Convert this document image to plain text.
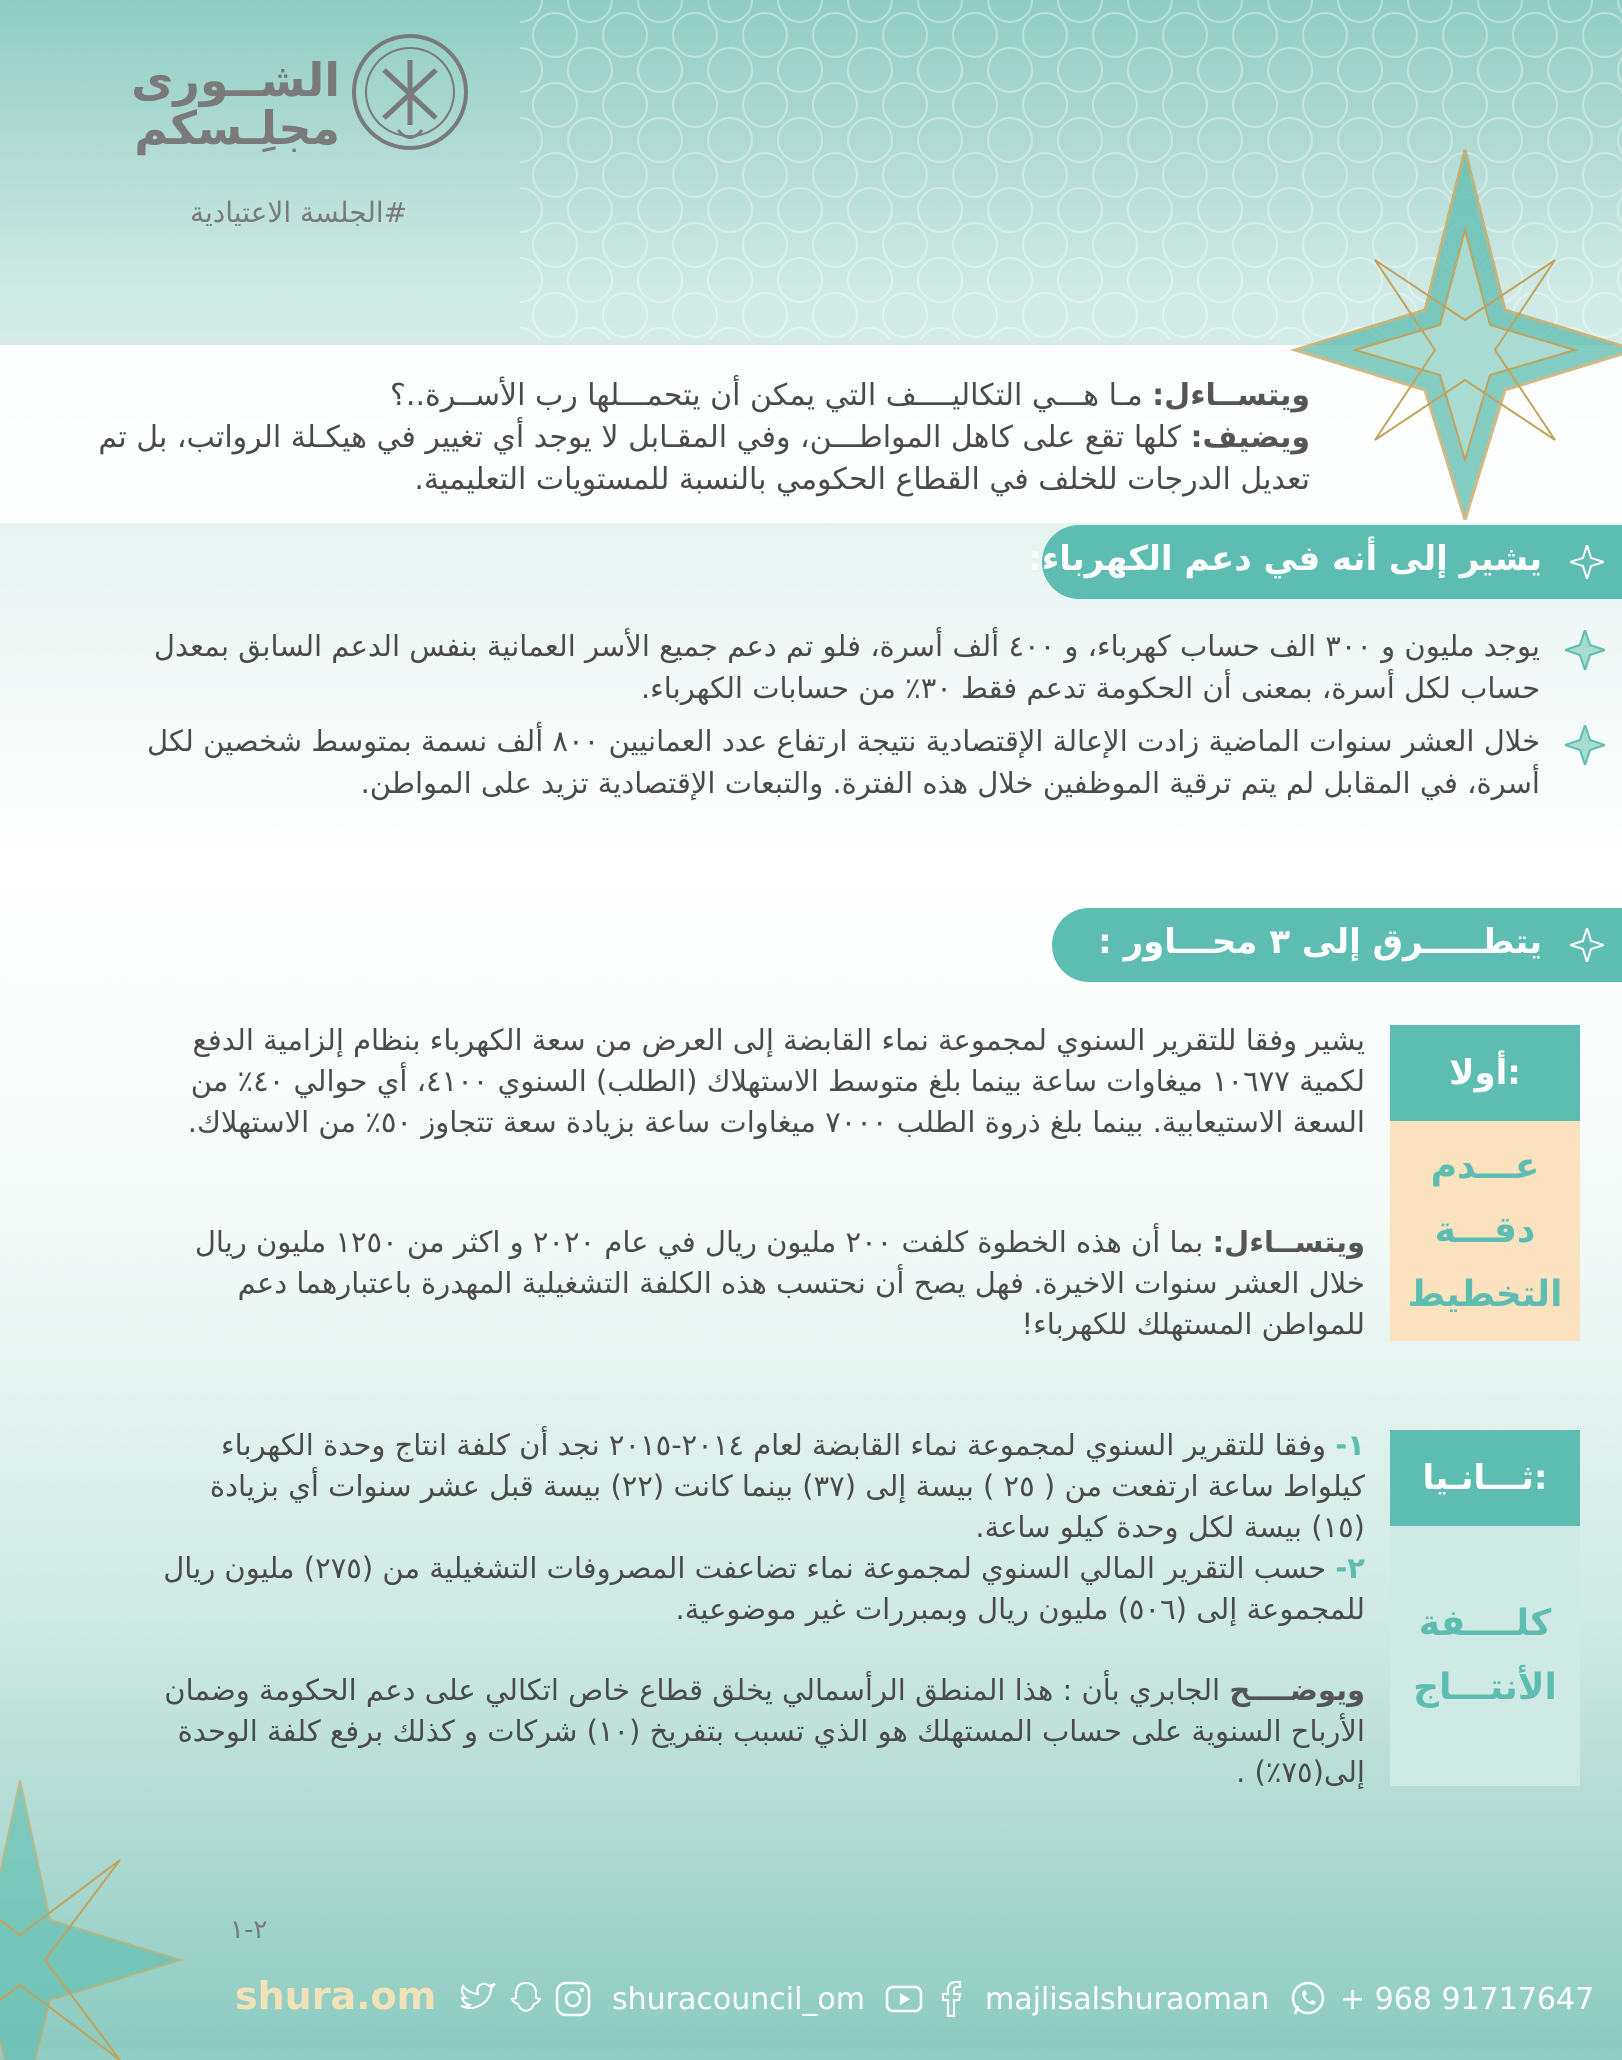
الشــورى
مجلِـسكم
#الجلسة الاعتيادية
ويتســاءل: مـا هـــي التكاليــــف التي يمكن أن يتحمـــلها رب الأســرة..؟
ويضيف: كلها تقع على كاهل المواطـــن، وفي المقـابل لا يوجد أي تغيير في هيكـلة الرواتب، بل تم تعديل الدرجات للخلف في القطاع الحكومي بالنسبة للمستويات التعليمية.
يشير إلى أنه في دعم الكهرباء:
يوجد مليون و ٣٠٠ الف حساب كهرباء، و ٤٠٠ ألف أسرة، فلو تم دعم جميع الأسر العمانية بنفس الدعم السابق بمعدل حساب لكل أسرة، بمعنى أن الحكومة تدعم فقط ٣٠٪ من حسابات الكهرباء.
خلال العشر سنوات الماضية زادت الإعالة الإقتصادية نتيجة ارتفاع عدد العمانيين ٨٠٠ ألف نسمة بمتوسط شخصين لكل أسرة، في المقابل لم يتم ترقية الموظفين خلال هذه الفترة. والتبعات الإقتصادية تزيد على المواطن.
يتطـــــرق إلى ٣ محـــاور :
أولا:
عـــدم
دقـــة
التخطيط
يشير وفقا للتقرير السنوي لمجموعة نماء القابضة إلى العرض من سعة الكهرباء بنظام إلزامية الدفع لكمية ١٠٦٧٧ ميغاوات ساعة بينما بلغ متوسط الاستهلاك (الطلب) السنوي ٤١٠٠، أي حوالي ٤٠٪ من السعة الاستيعابية. بينما بلغ ذروة الطلب ٧٠٠٠ ميغاوات ساعة بزيادة سعة تتجاوز ٥٠٪ من الاستهلاك.
ويتســاءل: بما أن هذه الخطوة كلفت ٢٠٠ مليون ريال في عام ٢٠٢٠ و اكثر من ١٢٥٠ مليون ريال خلال العشر سنوات الاخيرة. فهل يصح أن نحتسب هذه الكلفة التشغيلية المهدرة باعتبارهما دعم للمواطن المستهلك للكهرباء!
ثـــانـيا:
كلــــفة
الأنتـــاج
١- وفقا للتقرير السنوي لمجموعة نماء القابضة لعام ٢٠١٤-٢٠١٥ نجد أن كلفة انتاج وحدة الكهرباء كيلواط ساعة ارتفعت من ( ٢٥ ) بيسة إلى (٣٧) بينما كانت (٢٢) بيسة قبل عشر سنوات أي بزيادة (١٥) بيسة لكل وحدة كيلو ساعة.
٢- حسب التقرير المالي السنوي لمجموعة نماء تضاعفت المصروفات التشغيلية من (٢٧٥) مليون ريال للمجموعة إلى (٥٠٦) مليون ريال وبمبررات غير موضوعية.
ويوضــــح الجابري بأن : هذا المنطق الرأسمالي يخلق قطاع خاص اتكالي على دعم الحكومة وضمان الأرباح السنوية على حساب المستهلك هو الذي تسبب بتفريخ (١٠) شركات و كذلك برفع كلفة الوحدة إلى(٧٥٪) .
٢-١
shura.om	shuracouncil_om	majlisalshuraoman + 968 91717647
